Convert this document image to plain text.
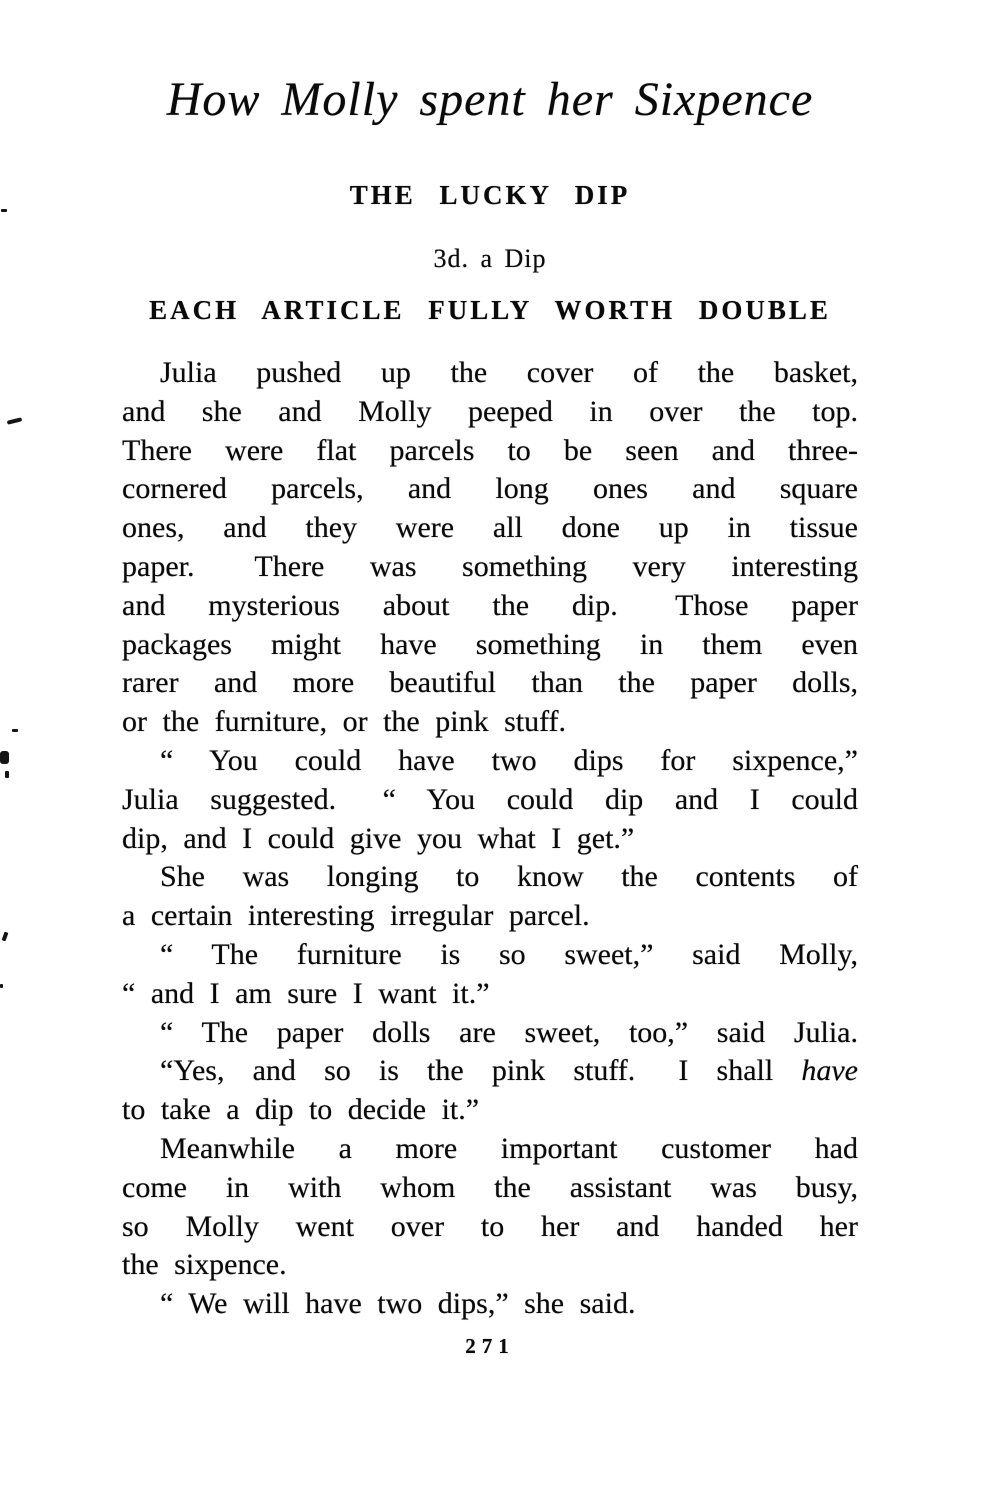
How Molly spent her Sixpence
THE LUCKY DIP
3d. a Dip
EACH ARTICLE FULLY WORTH DOUBLE
Julia pushed up the cover of the basket,
and she and Molly peeped in over the top.
There were flat parcels to be seen and three-
cornered parcels, and long ones and square
ones, and they were all done up in tissue
paper.  There was something very interesting
and mysterious about the dip.  Those paper
packages might have something in them even
rarer and more beautiful than the paper dolls,
or the furniture, or the pink stuff.
“ You could have two dips for sixpence,”
Julia suggested.  “ You could dip and I could
dip, and I could give you what I get.”
She was longing to know the contents of
a certain interesting irregular parcel.
“ The furniture is so sweet,” said Molly,
“ and I am sure I want it.”
“ The paper dolls are sweet, too,” said Julia.
“Yes, and so is the pink stuff.  I shall have
to take a dip to decide it.”
Meanwhile a more important customer had
come in with whom the assistant was busy,
so Molly went over to her and handed her
the sixpence.
“ We will have two dips,” she said.
271
